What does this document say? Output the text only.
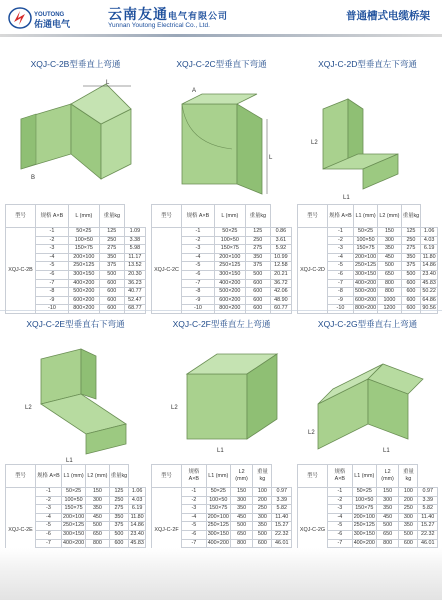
YOUTONG
佑通电气
云南友通电气有限公司
Yunnan Youtong Electrical Co., Ltd.
普通槽式电缆桥架
XQJ-C-2B型垂直上弯通
L
B
型号	规格 A×B	L (mm)	重量kg	
XQJ-C-2B	-1	50×25	125	1.09
	-2	100×50	250	3.38
	-3	150×75	275	5.98
	-4	200×100	350	11.17
	-5	250×125	375	13.52
	-6	300×150	500	20.30
	-7	400×200	600	36.23
	-8	500×200	600	40.77
	-9	600×200	600	52.47
	-10	800×200	600	68.77
XQJ-C-2C型垂直下弯通
L
A
型号	规格 A×B	L (mm)	重量kg	
XQJ-C-2C	-1	50×25	125	0.86
	-2	100×50	250	3.61
	-3	150×75	275	5.92
	-4	200×100	350	10.99
	-5	250×125	375	12.58
	-6	300×150	500	20.21
	-7	400×200	600	36.72
	-8	500×200	600	42.06
	-9	600×200	600	48.90
	-10	800×200	600	60.77
XQJ-C-2D型垂直左下弯通
L2
L1
型号	规格 A×B	L1 (mm)	L2 (mm)	重量kg	
XQJ-C-2D	-1	50×25	150	125	1.06
	-2	100×50	300	250	4.03
	-3	150×75	350	275	6.19
	-4	200×100	450	350	11.80
	-5	250×125	500	375	14.86
	-6	300×150	650	500	23.40
	-7	400×200	800	600	45.83
	-8	500×200	800	600	50.22
	-9	600×200	1000	600	64.86
	-10	800×200	1200	600	90.56
XQJ-C-2E型垂直右下弯通
L2
L1
型号	规格 A×B	L1 (mm)	L2 (mm)	重量kg	
XQJ-C-2E	-1	50×25	150	125	1.06
	-2	100×50	300	250	4.03
	-3	150×75	350	275	6.19
	-4	200×100	450	350	11.80
	-5	250×125	500	375	14.86
	-6	300×150	650	500	23.40
	-7	400×200	800	600	45.83

XQJ-C-2F型垂直左上弯通
L2
L1
型号	规格 A×B	L1 (mm)	L2 (mm)	重量kg	
XQJ-C-2F	-1	50×25	150	100	0.97
	-2	100×50	300	200	3.39
	-3	150×75	350	250	5.82
	-4	200×100	450	300	11.40
	-5	250×125	500	350	15.27
	-6	300×150	650	500	22.32
	-7	400×200	800	600	46.01

XQJ-C-2G型垂直右上弯通
L2
L1
型号	规格 A×B	L1 (mm)	L2 (mm)	重量kg	
XQJ-C-2G	-1	50×25	150	100	0.97
	-2	100×50	300	200	3.39
	-3	150×75	350	250	5.82
	-4	200×100	450	300	11.40
	-5	250×125	500	350	15.27
	-6	300×150	650	500	22.32
	-7	400×200	800	600	46.01
